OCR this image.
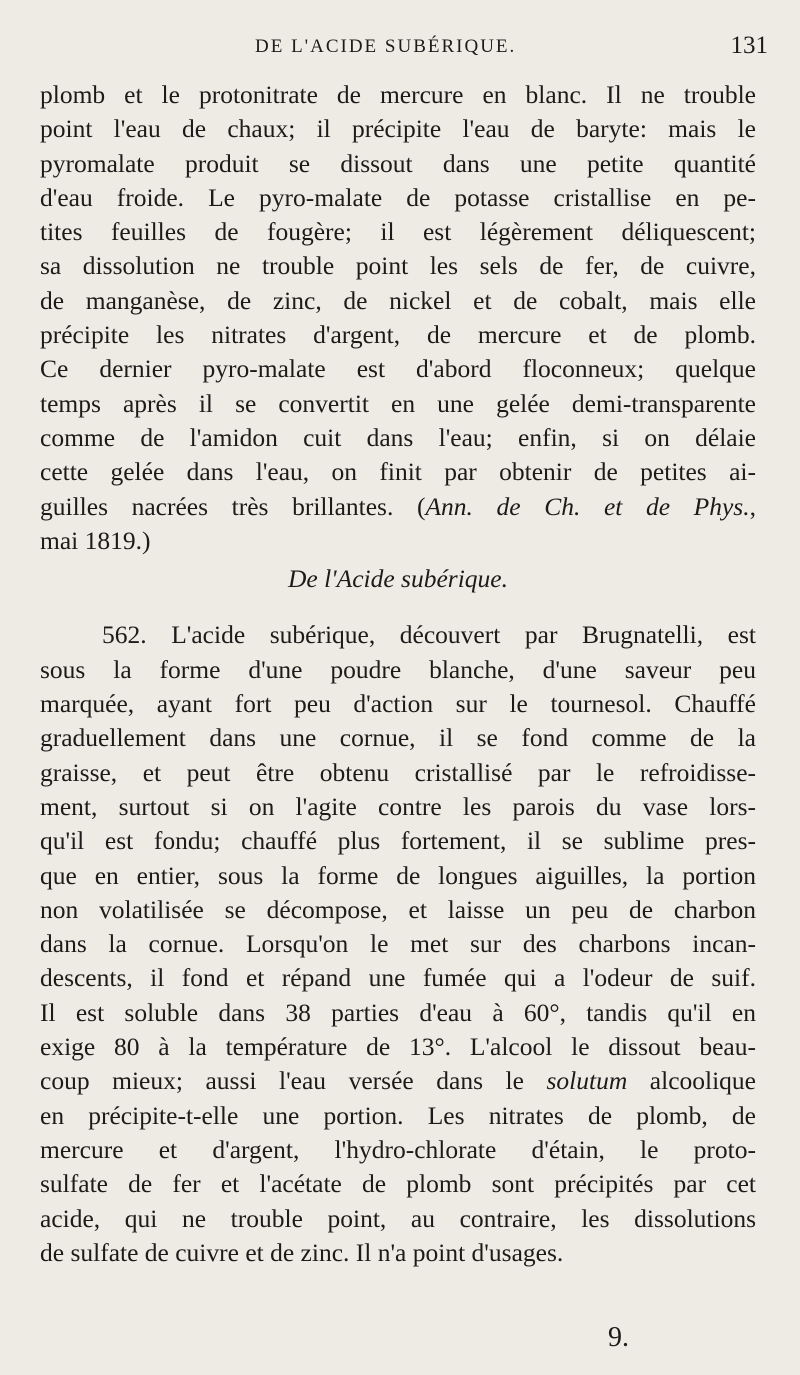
DE L'ACIDE SUBÉRIQUE.	131
plomb et le protonitrate de mercure en blanc. Il ne trouble
point l'eau de chaux; il précipite l'eau de baryte: mais le
pyromalate produit se dissout dans une petite quantité
d'eau froide. Le pyro-malate de potasse cristallise en pe-
tites feuilles de fougère; il est légèrement déliquescent;
sa dissolution ne trouble point les sels de fer, de cuivre,
de manganèse, de zinc, de nickel et de cobalt, mais elle
précipite les nitrates d'argent, de mercure et de plomb.
Ce dernier pyro-malate est d'abord floconneux; quelque
temps après il se convertit en une gelée demi-transparente
comme de l'amidon cuit dans l'eau; enfin, si on délaie
cette gelée dans l'eau, on finit par obtenir de petites ai-
guilles nacrées très brillantes. (Ann. de Ch. et de Phys.,
mai 1819.)
De l'Acide subérique.
562. L'acide subérique, découvert par Brugnatelli, est
sous la forme d'une poudre blanche, d'une saveur peu
marquée, ayant fort peu d'action sur le tournesol. Chauffé
graduellement dans une cornue, il se fond comme de la
graisse, et peut être obtenu cristallisé par le refroidisse-
ment, surtout si on l'agite contre les parois du vase lors-
qu'il est fondu; chauffé plus fortement, il se sublime pres-
que en entier, sous la forme de longues aiguilles, la portion
non volatilisée se décompose, et laisse un peu de charbon
dans la cornue. Lorsqu'on le met sur des charbons incan-
descents, il fond et répand une fumée qui a l'odeur de suif.
Il est soluble dans 38 parties d'eau à 60°, tandis qu'il en
exige 80 à la température de 13°. L'alcool le dissout beau-
coup mieux; aussi l'eau versée dans le solutum alcoolique
en précipite-t-elle une portion. Les nitrates de plomb, de
mercure et d'argent, l'hydro-chlorate d'étain, le proto-
sulfate de fer et l'acétate de plomb sont précipités par cet
acide, qui ne trouble point, au contraire, les dissolutions
de sulfate de cuivre et de zinc. Il n'a point d'usages.
9.
